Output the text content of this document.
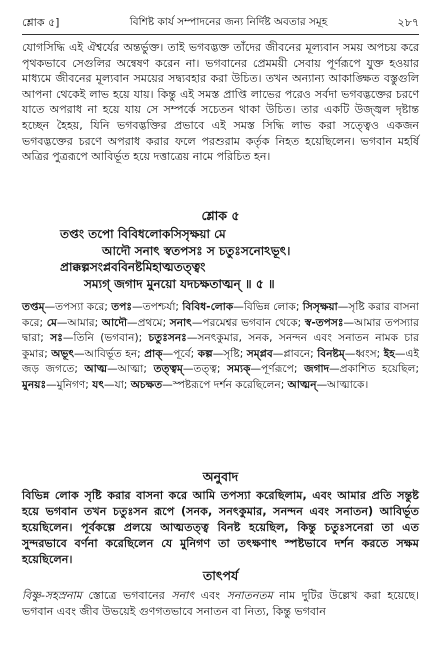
শ্লোক ৫]	বিশিষ্ট কার্য সম্পাদনের জন্য নির্দিষ্ট অবতার সমূহ	২৮৭
যোগসিদ্ধি এই ঐশ্বর্যের অন্তর্ভুক্ত। তাই ভগবদ্ভক্ত তাঁদের জীবনের মূল্যবান সময় অপচয় করে পৃথকভাবে সেগুলির অন্বেষণ করেন না। ভগবানের প্রেমময়ী সেবায় পূর্ণরূপে যুক্ত হওয়ার মাধ্যমে জীবনের মূল্যবান সময়ের সদ্ব্যবহার করা উচিত। তখন অন্যান্য আকাঙ্ক্ষিত বস্তুগুলি আপনা থেকেই লাভ হয়ে যায়। কিন্তু এই সমস্ত প্রাপ্তি লাভের পরেও সর্বদা ভগবদ্ভক্তের চরণে যাতে অপরাধ না হয়ে যায় সে সম্পর্কে সচেতন থাকা উচিত। তার একটি উজ্জ্বল দৃষ্টান্ত হচ্ছেন হৈহয়, যিনি ভগবদ্ভক্তির প্রভাবে এই সমস্ত সিদ্ধি লাভ করা সত্ত্বেও একজন ভগবদ্ভক্তের চরণে অপরাধ করার ফলে পরশুরাম কর্তৃক নিহত হয়েছিলেন। ভগবান মহর্ষি অত্রির পুত্ররূপে আবির্ভূত হয়ে দত্তাত্রেয় নামে পরিচিত হন।
শ্লোক ৫
তপ্তং তপো বিবিধলোকসিসৃক্ষয়া মে
আদৌ সনাৎ স্বতপসঃ স চতুঃসনোঽভূৎ।
প্রাক্কল্পসংপ্লববিনষ্টমিহাত্মতত্ত্বং
সম্যগ্ জগাদ মুনয়ো যদচক্ষতাত্মন্ ॥ ৫ ॥
তপ্তম্—তপস্যা করে; তপঃ—তপশ্চর্যা; বিবিধ-লোক—বিভিন্ন লোক; সিসৃক্ষয়া—সৃষ্টি করার বাসনা করে; মে—আমার; আদৌ—প্রথমে; সনাৎ—পরমেশ্বর ভগবান থেকে; স্ব-তপসঃ—আমার তপস্যার দ্বারা; সঃ—তিনি (ভগবান); চতুঃসনঃ—সনৎকুমার, সনক, সনন্দন এবং সনাতন নামক চার কুমার; অভূৎ—আবির্ভূত হন; প্রাক্—পূর্বে; কল্প—সৃষ্টি; সম্প্লব—প্লাবনে; বিনষ্টম্—ধ্বংস; ইহ—এই জড় জগতে; আত্ম—আত্মা; তত্ত্বম্—তত্ত্ব; সম্যক্—পূর্ণরূপে; জগাদ—প্রকাশিত হয়েছিল; মুনয়ঃ—মুনিগণ; যৎ—যা; অচক্ষত—স্পষ্টরূপে দর্শন করেছিলেন; আত্মন্—আত্মাকে।
অনুবাদ
বিভিন্ন লোক সৃষ্টি করার বাসনা করে আমি তপস্যা করেছিলাম, এবং আমার প্রতি সন্তুষ্ট হয়ে ভগবান তখন চতুঃসন রূপে (সনক, সনৎকুমার, সনন্দন এবং সনাতন) আবির্ভূত হয়েছিলেন। পূর্বকল্পে প্রলয়ে আত্মতত্ত্ব বিনষ্ট হয়েছিল, কিন্তু চতুঃসনেরা তা এত সুন্দরভাবে বর্ণনা করেছিলেন যে মুনিগণ তা তৎক্ষণাৎ স্পষ্টভাবে দর্শন করতে সক্ষম হয়েছিলেন।
তাৎপর্য
বিষ্ণু-সহস্রনাম স্তোত্রে ভগবানের সনাৎ এবং সনাতনতম নাম দুটির উল্লেখ করা হয়েছে। ভগবান এবং জীব উভয়েই গুণগতভাবে সনাতন বা নিত্য, কিন্তু ভগবান
